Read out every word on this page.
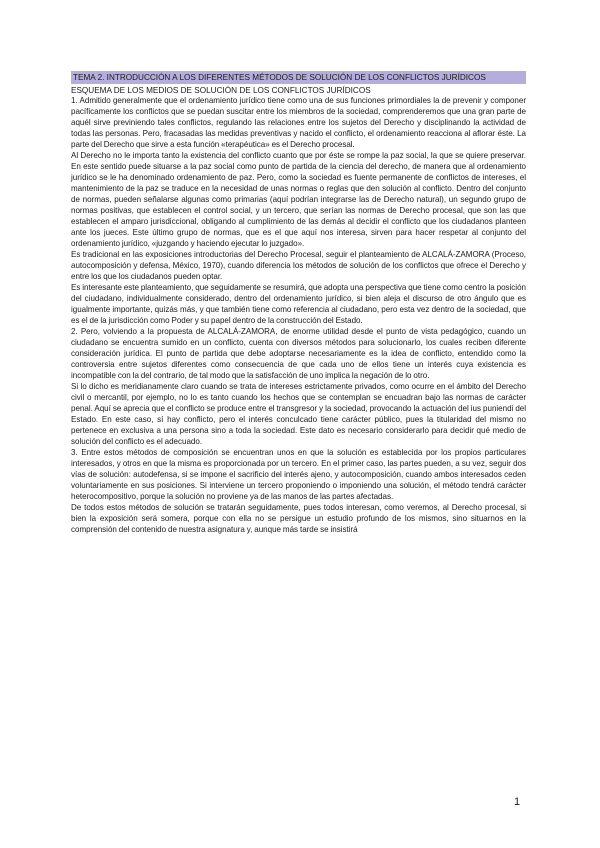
TEMA 2. INTRODUCCIÓN A LOS DIFERENTES MÉTODOS DE SOLUCIÓN DE LOS CONFLICTOS JURÍDICOS

ESQUEMA DE LOS MEDIOS DE SOLUCIÓN DE LOS CONFLICTOS JURÍDICOS

1. Admitido generalmente que el ordenamiento jurídico tiene como una de sus funciones primordiales la de prevenir y componer pacíficamente los conflictos que se puedan suscitar entre los miembros de la sociedad, comprenderemos que una gran parte de aquél sirve previniendo tales conflictos, regulando las relaciones entre los sujetos del Derecho y disciplinando la actividad de todas las personas. Pero, fracasadas las medidas preventivas y nacido el conflicto, el ordenamiento reacciona al aflorar éste. La parte del Derecho que sirve a esta función «terapéutica» es el Derecho procesal.

Al Derecho no le importa tanto la existencia del conflicto cuanto que por éste se rompe la paz social, la que se quiere preservar. En este sentido puede situarse a la paz social como punto de partida de la ciencia del derecho, de manera que al ordenamiento jurídico se le ha denominado ordenamiento de paz. Pero, como la sociedad es fuente permanente de conflictos de intereses, el mantenimiento de la paz se traduce en la necesidad de unas normas o reglas que den solución al conflicto. Dentro del conjunto de normas, pueden señalarse algunas como primarias (aquí podrían integrarse las de Derecho natural), un segundo grupo de normas positivas, que establecen el control social, y un tercero, que serían las normas de Derecho procesal, que son las que establecen el amparo jurisdiccional, obligando al cumplimiento de las demás al decidir el conflicto que los ciudadanos planteen ante los jueces. Este último grupo de normas, que es el que aquí nos interesa, sirven para hacer respetar al conjunto del ordenamiento jurídico, «juzgando y haciendo ejecutar lo juzgado».

Es tradicional en las exposiciones introductorias del Derecho Procesal, seguir el planteamiento de ALCALÁ-ZAMORA (Proceso, autocomposición y defensa, México, 1970), cuando diferencia los métodos de solución de los conflictos que ofrece el Derecho y entre los que los ciudadanos pueden optar.

Es interesante este planteamiento, que seguidamente se resumirá, que adopta una perspectiva que tiene como centro la posición del ciudadano, individualmente considerado, dentro del ordenamiento jurídico, si bien aleja el discurso de otro ángulo que es igualmente importante, quizás más, y que también tiene como referencia al ciudadano, pero esta vez dentro de la sociedad, que es el de la jurisdicción como Poder y su papel dentro de la construcción del Estado.

2. Pero, volviendo a la propuesta de ALCALÁ-ZAMORA, de enorme utilidad desde el punto de vista pedagógico, cuando un ciudadano se encuentra sumido en un conflicto, cuenta con diversos métodos para solucionarlo, los cuales reciben diferente consideración jurídica. El punto de partida que debe adoptarse necesariamente es la idea de conflicto, entendido como la controversia entre sujetos diferentes como consecuencia de que cada uno de ellos tiene un interés cuya existencia es incompatible con la del contrario, de tal modo que la satisfacción de uno implica la negación de lo otro.

Si lo dicho es meridianamente claro cuando se trata de intereses estrictamente privados, como ocurre en el ámbito del Derecho civil o mercantil, por ejemplo, no lo es tanto cuando los hechos que se contemplan se encuadran bajo las normas de carácter penal. Aquí se aprecia que el conflicto se produce entre el transgresor y la sociedad, provocando la actuación del ius puniendi del Estado. En este caso, sí hay conflicto, pero el interés conculcado tiene carácter público, pues la titularidad del mismo no pertenece en exclusiva a una persona sino a toda la sociedad. Este dato es necesario considerarlo para decidir qué medio de solución del conflicto es el adecuado.

3. Entre estos métodos de composición se encuentran unos en que la solución es establecida por los propios particulares interesados, y otros en que la misma es proporcionada por un tercero. En el primer caso, las partes pueden, a su vez, seguir dos vías de solución: autodefensa, si se impone el sacrificio del interés ajeno, y autocomposición, cuando ambos interesados ceden voluntariamente en sus posiciones. Si interviene un tercero proponiendo o imponiendo una solución, el método tendrá carácter heterocompositivo, porque la solución no proviene ya de las manos de las partes afectadas.

De todos estos métodos de solución se tratarán seguidamente, pues todos interesan, como veremos, al Derecho procesal, si bien la exposición será somera, porque con ella no se persigue un estudio profundo de los mismos, sino situarnos en la comprensión del contenido de nuestra asignatura y, aunque más tarde se insistirá

1
